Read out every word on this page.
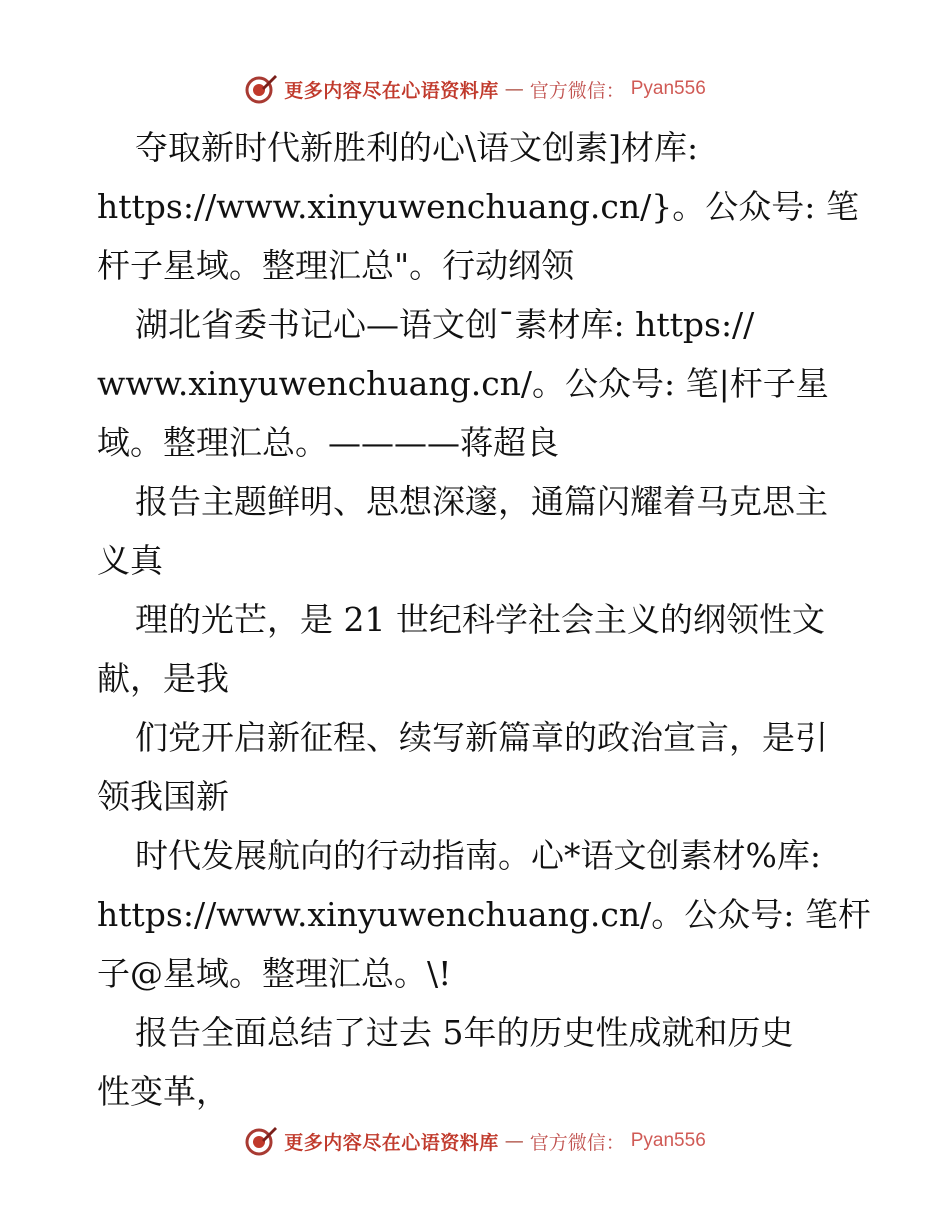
更多内容尽在心语资料库 — 官方微信： Pyan556
夺取新时代新胜利的心\语文创素]材库:
https://www.xinyuwenchuang.cn/}。公众号: 笔
杆子星域。整理汇总"。行动纲领
湖北省委书记心—语文创¯素材库: https://
www.xinyuwenchuang.cn/。公众号: 笔|杆子星
域。整理汇总。————蒋超良
报告主题鲜明、思想深邃，通篇闪耀着马克思主
义真
理的光芒，是 21 世纪科学社会主义的纲领性文
献，是我
们党开启新征程、续写新篇章的政治宣言，是引
领我国新
时代发展航向的行动指南。心*语文创素材%库:
https://www.xinyuwenchuang.cn/。公众号: 笔杆
子@星域。整理汇总。\!
报告全面总结了过去 5年的历史性成就和历史
性变革，
更多内容尽在心语资料库 — 官方微信： Pyan556
